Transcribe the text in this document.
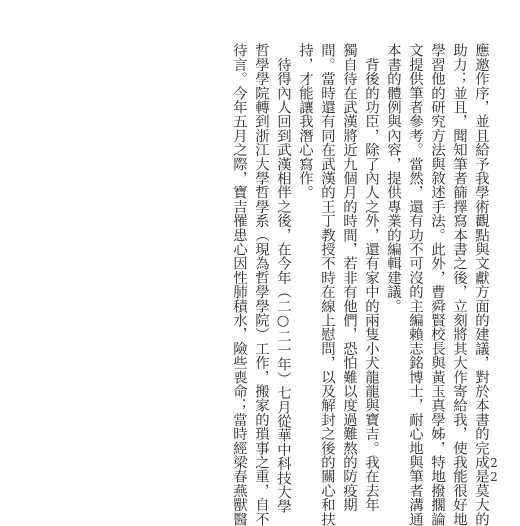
應邀作序，並且給予我學術觀點與文獻方面的建議，對於本書的完成是莫大的
助力；並且，聞知筆者篩擇寫本書之後，立刻將其大作寄給我，使我能很好地
學習他的研究方法與敘述手法。此外，曹舜賢校長與黃玉真學姊，特地撥擱論
文提供筆者參考。當然，還有功不可沒的主編賴志銘博士，耐心地與筆者溝通
本書的體例與內容，提供專業的編輯建議。
　背後的功臣，除了內人之外，還有家中的兩隻小犬龍龍與寶吉。我在去年
獨自待在武漢將近九個月的時間，若非有他們，恐怕難以度過難熬的防疫期
間。當時還有同在武漢的王丁教授不時在線上慰問，以及解封之後的關心和扶
持，才能讓我潛心寫作。
　待得內人回到武漢相伴之後，在今年（二○二一年）七月從華中科技大學
哲學學院轉到浙江大學哲學系（現為哲學學院）工作，搬家的瑣事之重，自不
待言。今年五月之際，寶吉罹患心因性肺積水，險些喪命；當時經梁春燕獸醫	22
